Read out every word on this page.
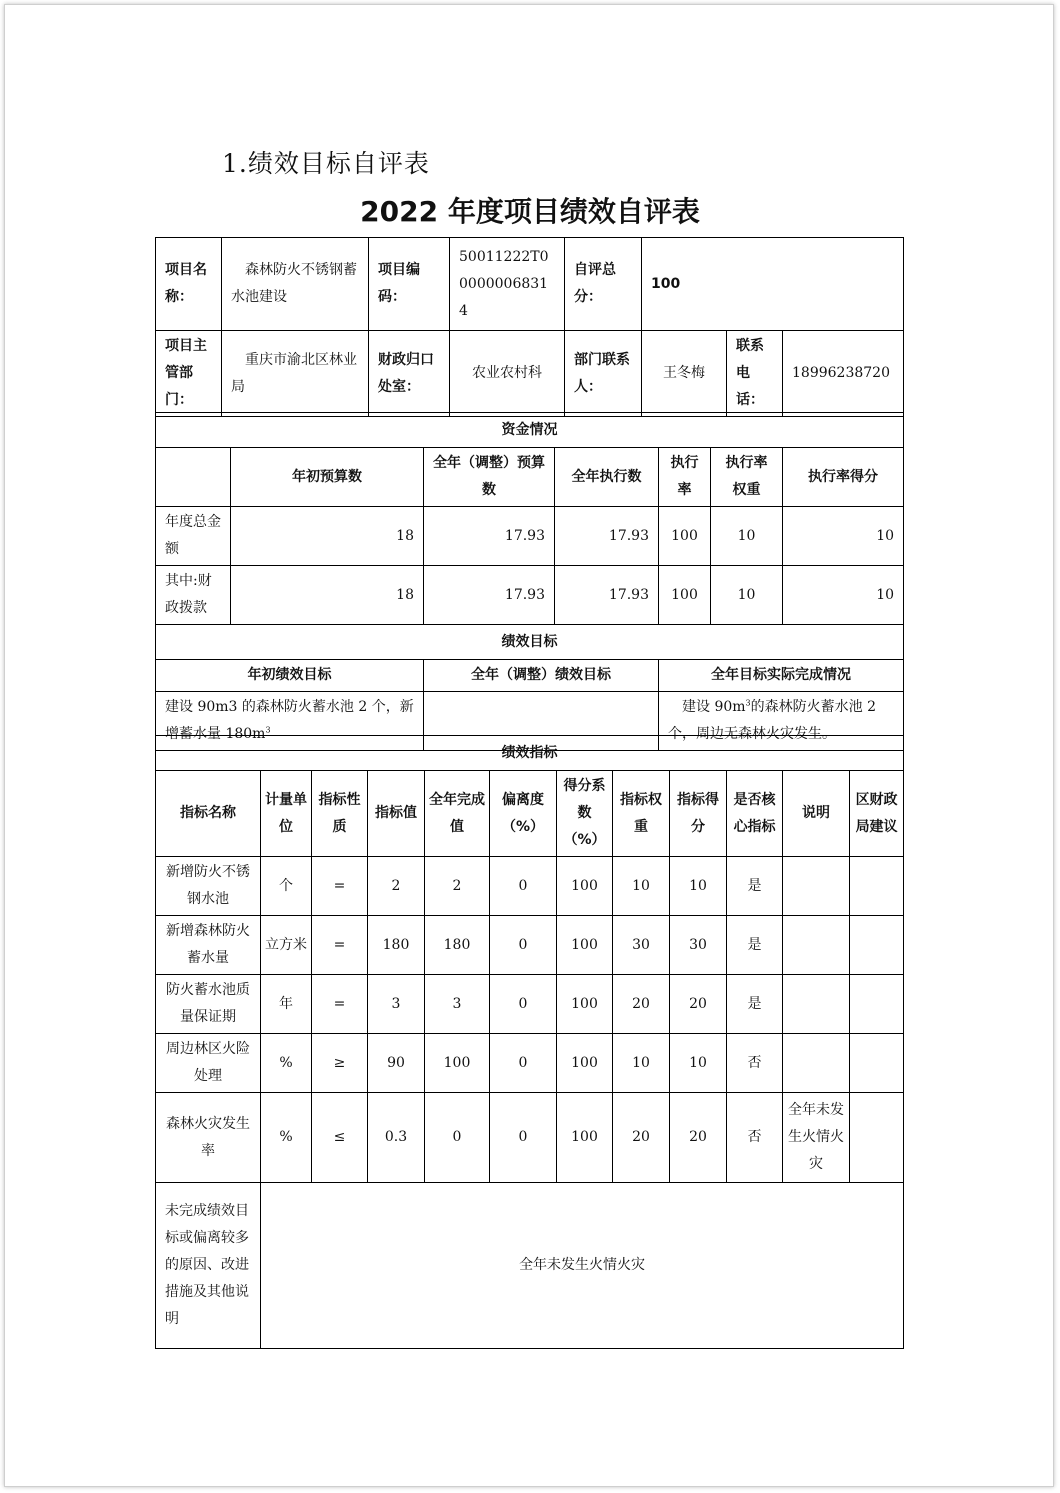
1.绩效目标自评表
2022 年度项目绩效自评表
项目名称：	森林防火不锈钢蓄水池建设	项目编码：	50011222T000000068314	自评总分：	100		
项目主管部门：	重庆市渝北区林业局	财政归口处室：	农业农村科	部门联系人：	王冬梅	联系电话：	18996238720
资金情况						
	年初预算数	全年（调整）预算数	全年执行数	执行率	执行率权重	执行率得分
年度总金额	18	17.93	17.93	100	10	10
其中:财政拨款	18	17.93	17.93	100	10	10
绩效目标						
年初绩效目标		全年（调整）绩效目标		全年目标实际完成情况		
建设 90m3 的森林防火蓄水池 2 个，新增蓄水量 $180m^3$				建设 $90m^3$的森林防火蓄水池 2 个，周边无森林火灾发生。		
绩效指标											
指标名称	计量单位	指标性质	指标值	全年完成值	偏离度（%）	得分系数（%）	指标权重	指标得分	是否核心指标	说明	区财政局建议
新增防火不锈钢水池	个	=	2	2	0	100	10	10	是		
新增森林防火蓄水量	立方米	=	180	180	0	100	30	30	是		
防火蓄水池质量保证期	年	=	3	3	0	100	20	20	是		
周边林区火险处理	%	≥	90	100	0	100	10	10	否		
森林火灾发生率	%	≤	0.3	0	0	100	20	20	否	全年未发生火情火灾	
未完成绩效目标或偏离较多的原因、改进措施及其他说明	全年未发生火情火灾										
